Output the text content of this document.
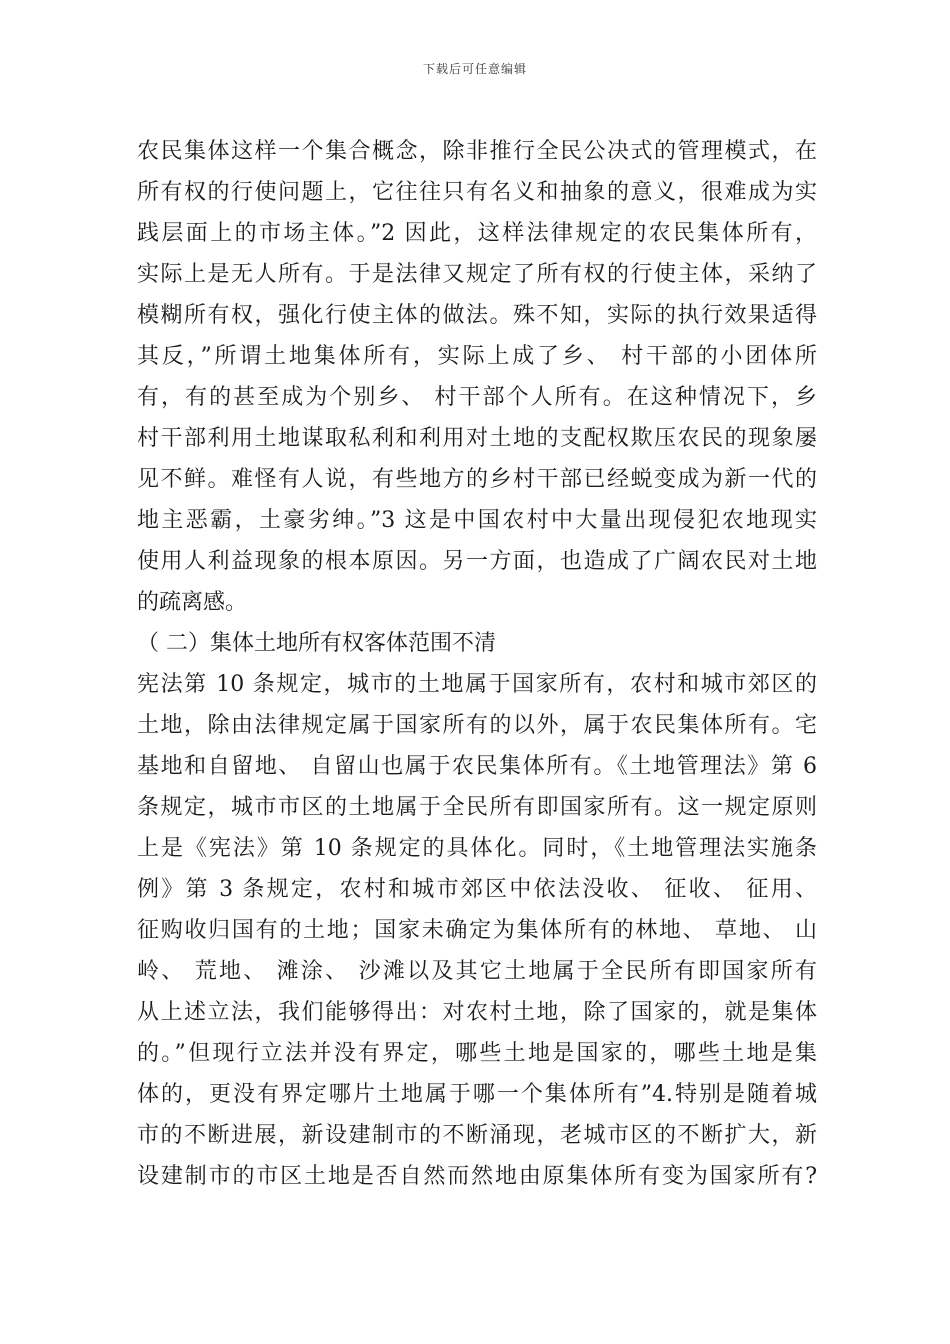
下载后可任意编辑
农民集体这样一个集合概念，除非推行全民公决式的管理模式，在
所有权的行使问题上，它往往只有名义和抽象的意义，很难成为实
践层面上的市场主体。”2 因此，这样法律规定的农民集体所有，
实际上是无人所有。于是法律又规定了所有权的行使主体，采纳了
模糊所有权，强化行使主体的做法。殊不知，实际的执行效果适得
其反，”所谓土地集体所有，实际上成了乡、 村干部的小团体所
有，有的甚至成为个别乡、 村干部个人所有。在这种情况下，乡
村干部利用土地谋取私利和利用对土地的支配权欺压农民的现象屡
见不鲜。难怪有人说，有些地方的乡村干部已经蜕变成为新一代的
地主恶霸，土豪劣绅。”3 这是中国农村中大量出现侵犯农地现实
使用人利益现象的根本原因。另一方面，也造成了广阔农民对土地
的疏离感。
（ 二）集体土地所有权客体范围不清
宪法第 10 条规定，城市的土地属于国家所有，农村和城市郊区的
土地，除由法律规定属于国家所有的以外，属于农民集体所有。宅
基地和自留地、 自留山也属于农民集体所有。《土地管理法》第 6
条规定，城市市区的土地属于全民所有即国家所有。这一规定原则
上是《宪法》第 10 条规定的具体化。同时，《土地管理法实施条
例》第 3 条规定，农村和城市郊区中依法没收、 征收、 征用、
征购收归国有的土地；国家未确定为集体所有的林地、 草地、 山
岭、 荒地、 滩涂、 沙滩以及其它土地属于全民所有即国家所有
从上述立法，我们能够得出：对农村土地，除了国家的，就是集体
的。”但现行立法并没有界定，哪些土地是国家的，哪些土地是集
体的，更没有界定哪片土地属于哪一个集体所有”4.特别是随着城
市的不断进展，新设建制市的不断涌现，老城市区的不断扩大，新
设建制市的市区土地是否自然而然地由原集体所有变为国家所有?
